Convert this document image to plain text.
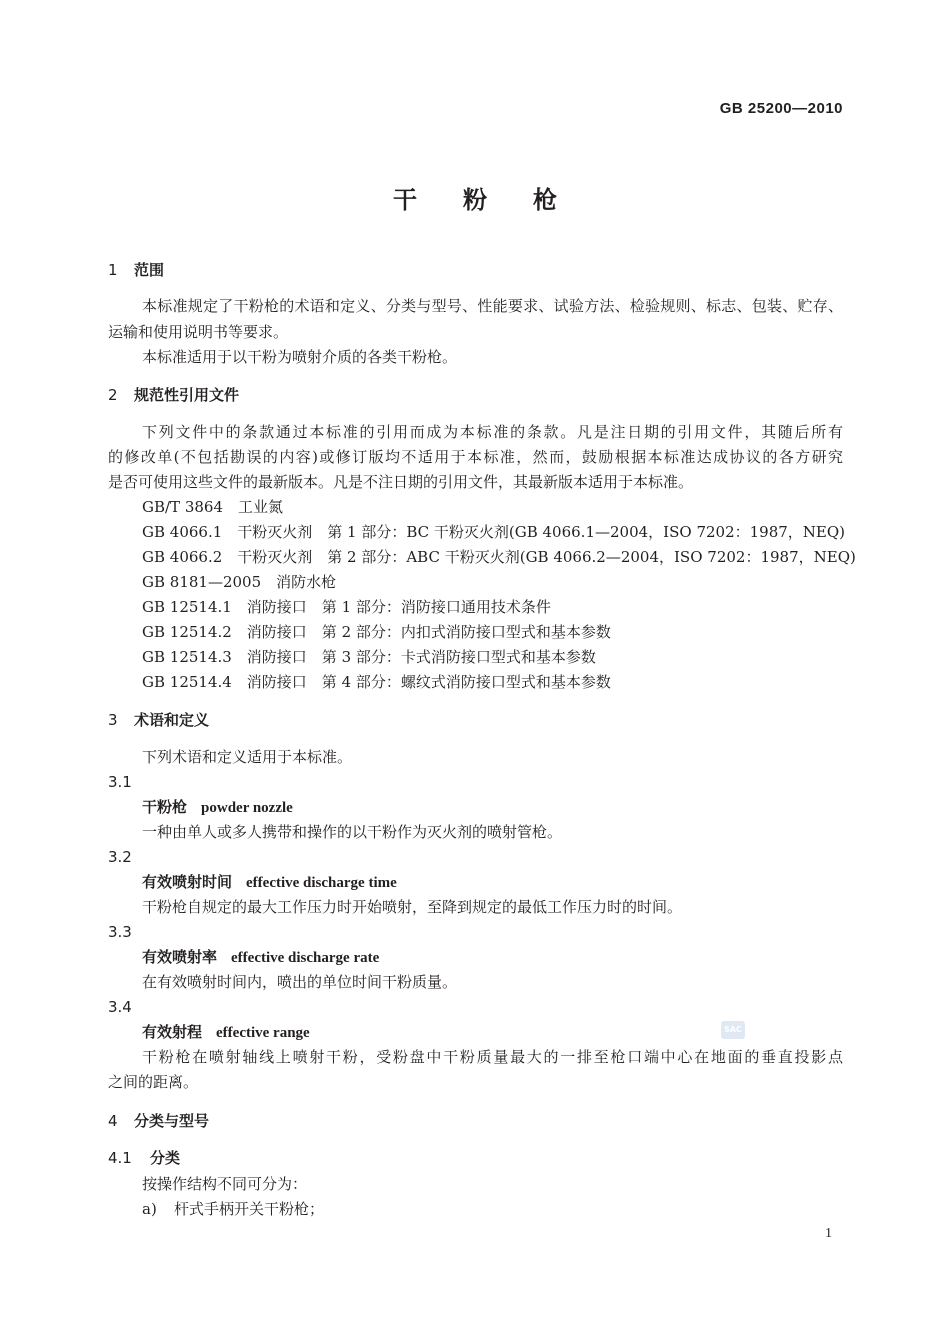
GB 25200—2010
干粉枪
1 范围
本标准规定了干粉枪的术语和定义、分类与型号、性能要求、试验方法、检验规则、标志、包装、贮存、
运输和使用说明书等要求。
本标准适用于以干粉为喷射介质的各类干粉枪。
2 规范性引用文件
下列文件中的条款通过本标准的引用而成为本标准的条款。凡是注日期的引用文件，其随后所有
的修改单(不包括勘误的内容)或修订版均不适用于本标准，然而，鼓励根据本标准达成协议的各方研究
是否可使用这些文件的最新版本。凡是不注日期的引用文件，其最新版本适用于本标准。
GB/T 3864　工业氮
GB 4066.1　干粉灭火剂　第 1 部分：BC 干粉灭火剂(GB 4066.1—2004，ISO 7202：1987，NEQ)
GB 4066.2　干粉灭火剂　第 2 部分：ABC 干粉灭火剂(GB 4066.2—2004，ISO 7202：1987，NEQ)
GB 8181—2005　消防水枪
GB 12514.1　消防接口　第 1 部分：消防接口通用技术条件
GB 12514.2　消防接口　第 2 部分：内扣式消防接口型式和基本参数
GB 12514.3　消防接口　第 3 部分：卡式消防接口型式和基本参数
GB 12514.4　消防接口　第 4 部分：螺纹式消防接口型式和基本参数
3 术语和定义
下列术语和定义适用于本标准。
3.1
干粉枪 powder nozzle
一种由单人或多人携带和操作的以干粉作为灭火剂的喷射管枪。
3.2
有效喷射时间 effective discharge time
干粉枪自规定的最大工作压力时开始喷射，至降到规定的最低工作压力时的时间。
3.3
有效喷射率 effective discharge rate
在有效喷射时间内，喷出的单位时间干粉质量。
3.4
有效射程 effective range
干粉枪在喷射轴线上喷射干粉，受粉盘中干粉质量最大的一排至枪口端中心在地面的垂直投影点
之间的距离。
SAC
4 分类与型号
4.1 分类
按操作结构不同可分为：
a) 杆式手柄开关干粉枪；
1
